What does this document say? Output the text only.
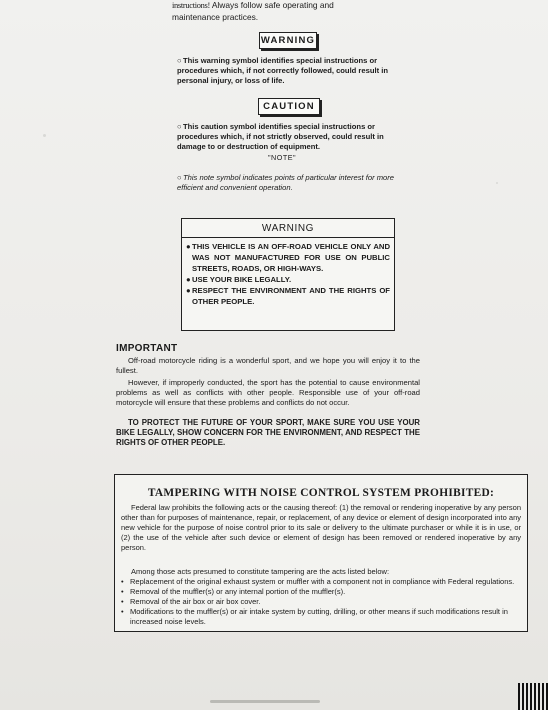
instructions! Always follow safe operating and
maintenance practices.
WARNING
○This warning symbol identifies special instructions or procedures which, if not correctly followed, could result in personal injury, or loss of life.
CAUTION
○This caution symbol identifies special instructions or procedures which, if not strictly observed, could result in damage to or destruction of equipment.
"NOTE"
○This note symbol indicates points of particular interest for more efficient and convenient operation.
WARNING
● THIS VEHICLE IS AN OFF-ROAD VEHICLE ONLY AND WAS NOT MANUFACTURED FOR USE ON PUBLIC STREETS, ROADS, OR HIGH-WAYS.
● USE YOUR BIKE LEGALLY.
● RESPECT THE ENVIRONMENT AND THE RIGHTS OF OTHER PEOPLE.
IMPORTANT
Off-road motorcycle riding is a wonderful sport, and we hope you will enjoy it to the fullest.
However, if improperly conducted, the sport has the potential to cause environmental problems as well as conflicts with other people. Responsible use of your off-road motorcycle will ensure that these problems and conflicts do not occur.
TO PROTECT THE FUTURE OF YOUR SPORT, MAKE SURE YOU USE YOUR BIKE LEGALLY, SHOW CONCERN FOR THE ENVIRONMENT, AND RESPECT THE RIGHTS OF OTHER PEOPLE.
TAMPERING WITH NOISE CONTROL SYSTEM PROHIBITED:
Federal law prohibits the following acts or the causing thereof: (1) the removal or rendering inoperative by any person other than for purposes of maintenance, repair, or replacement, of any device or element of design incorporated into any new vehicle for the purpose of noise control prior to its sale or delivery to the ultimate purchaser or while it is in use, or (2) the use of the vehicle after such device or element of design has been removed or rendered inoperative by any person.
Among those acts presumed to constitute tampering are the acts listed below:
• Replacement of the original exhaust system or muffler with a component not in compliance with Federal regulations.
• Removal of the muffler(s) or any internal portion of the muffler(s).
• Removal of the air box or air box cover.
• Modifications to the muffler(s) or air intake system by cutting, drilling, or other means if such modifications result in increased noise levels.
